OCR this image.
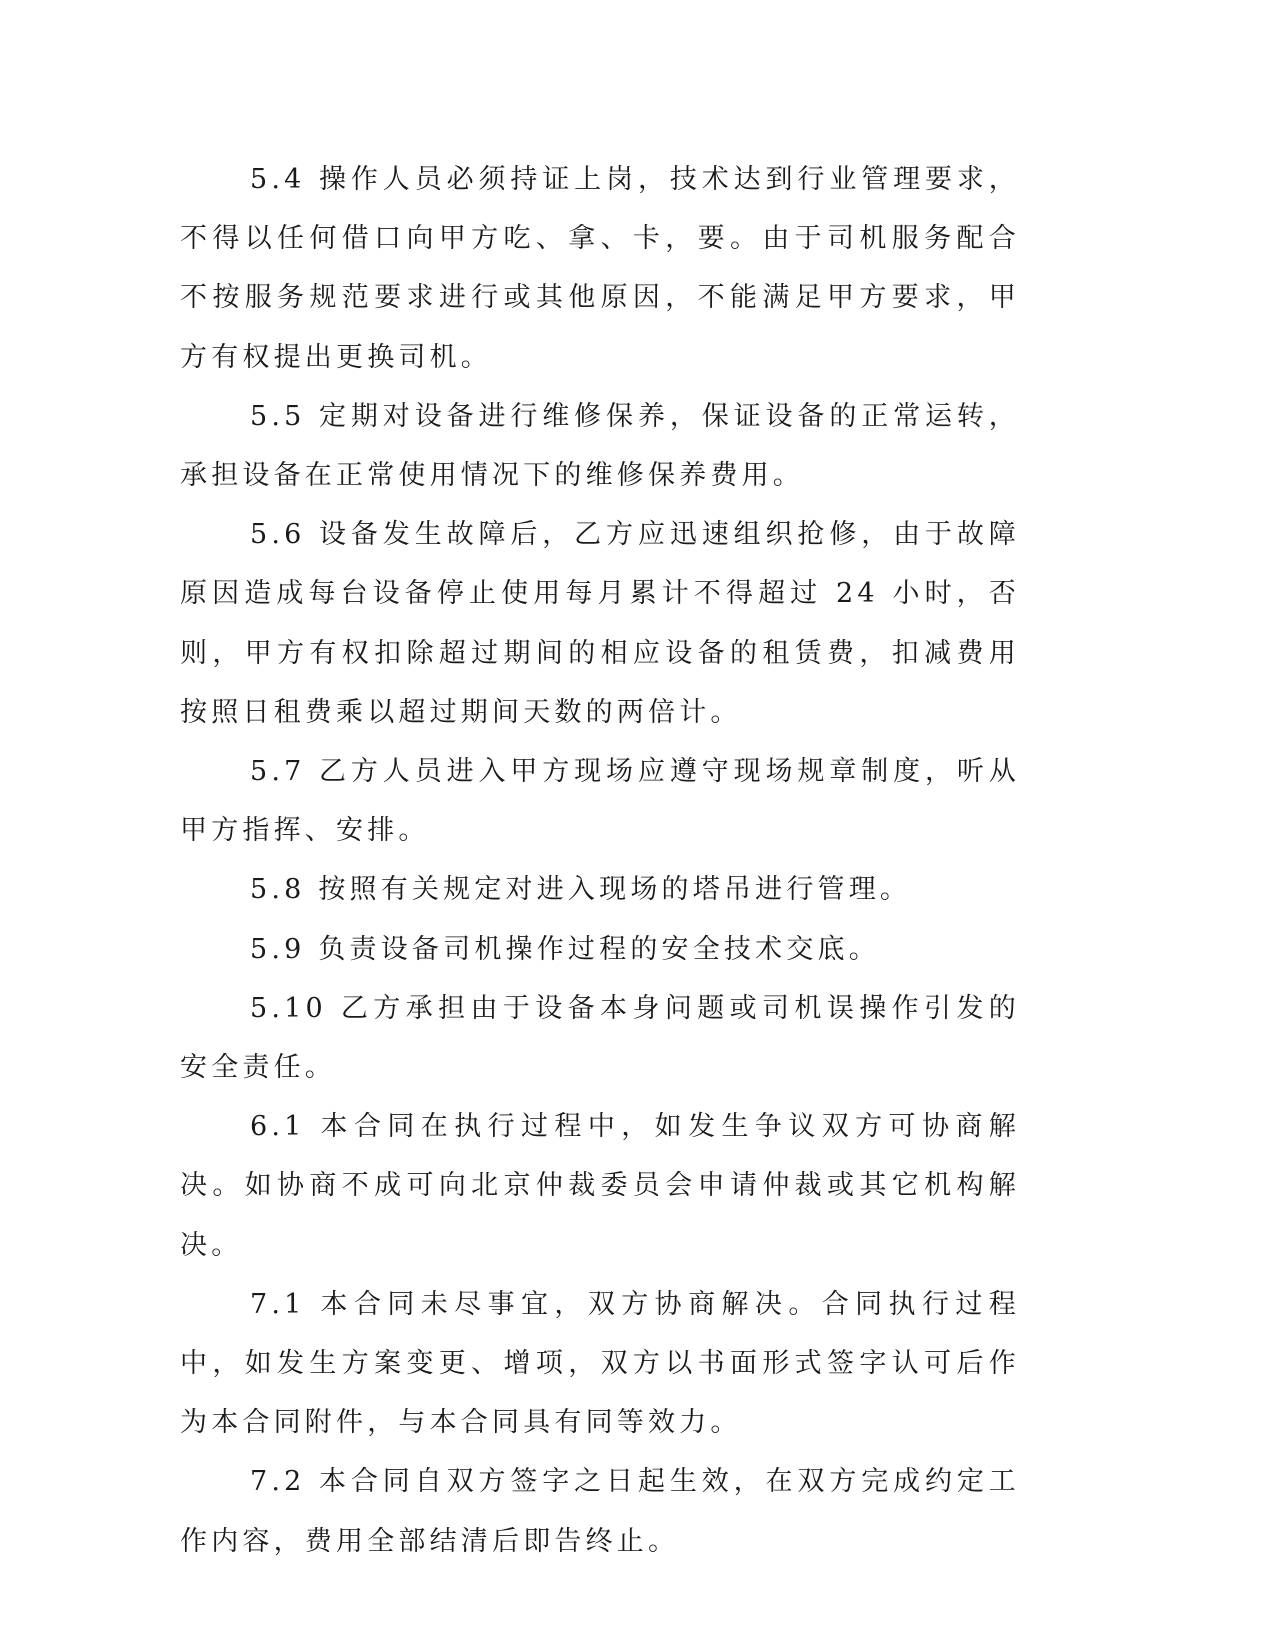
5.4 操作人员必须持证上岗，技术达到行业管理要求，不得以任何借口向甲方吃、拿、卡，要。由于司机服务配合不按服务规范要求进行或其他原因，不能满足甲方要求，甲方有权提出更换司机。

5.5 定期对设备进行维修保养，保证设备的正常运转，承担设备在正常使用情况下的维修保养费用。

5.6 设备发生故障后，乙方应迅速组织抢修，由于故障原因造成每台设备停止使用每月累计不得超过 24 小时，否则，甲方有权扣除超过期间的相应设备的租赁费，扣减费用按照日租费乘以超过期间天数的两倍计。

5.7 乙方人员进入甲方现场应遵守现场规章制度，听从甲方指挥、安排。

5.8 按照有关规定对进入现场的塔吊进行管理。

5.9 负责设备司机操作过程的安全技术交底。

5.10 乙方承担由于设备本身问题或司机误操作引发的安全责任。

6.1 本合同在执行过程中，如发生争议双方可协商解决。如协商不成可向北京仲裁委员会申请仲裁或其它机构解决。

7.1 本合同未尽事宜，双方协商解决。合同执行过程中，如发生方案变更、增项，双方以书面形式签字认可后作为本合同附件，与本合同具有同等效力。

7.2 本合同自双方签字之日起生效，在双方完成约定工作内容，费用全部结清后即告终止。
